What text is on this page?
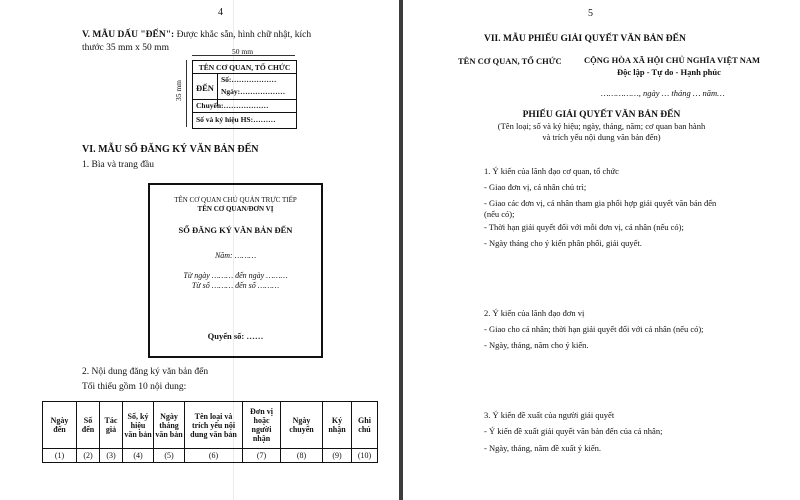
4
V. MẪU DẤU "ĐẾN": Được khắc sẵn, hình chữ nhật, kích
thước 35 mm x 50 mm	50 mm
35 mm
TÊN CƠ QUAN, TỔ CHỨC
ĐẾN
Số:………………
Ngày:………………
Chuyển:………………
Số và ký hiệu HS:………
VI. MẪU SỔ ĐĂNG KÝ VĂN BẢN ĐẾN
1. Bìa và trang đầu
TÊN CƠ QUAN CHỦ QUẢN TRỰC TIẾP
TÊN CƠ QUAN/ĐƠN VỊ
SỔ ĐĂNG KÝ VĂN BẢN ĐẾN
Năm: ………
Từ ngày ……… đến ngày ………
Từ số ……… đến số ………
Quyển số: ……
2. Nội dung đăng ký văn bản đến
Tối thiểu gồm 10 nội dung:
Ngày đến	Số đến	Tác giả	Số, ký hiệu văn bản	Ngày tháng văn bản	Tên loại và trích yếu nội dung văn bản	Đơn vị hoặc người nhận	Ngày chuyển	Ký nhận	Ghi chú
(1)	(2)	(3)	(4)	(5)	(6)	(7)	(8)	(9)	(10)
5
VII. MẪU PHIẾU GIẢI QUYẾT VĂN BẢN ĐẾN
TÊN CƠ QUAN, TỔ CHỨC	CỘNG HÒA XÃ HỘI CHỦ NGHĨA VIỆT NAM
Độc lập - Tự do - Hạnh phúc
……………, ngày … tháng … năm…
PHIẾU GIẢI QUYẾT VĂN BẢN ĐẾN
(Tên loại; số và ký hiệu; ngày, tháng, năm; cơ quan ban hành
và trích yếu nội dung văn bản đến)
1. Ý kiến của lãnh đạo cơ quan, tổ chức
- Giao đơn vị, cá nhân chủ trì;
- Giao các đơn vị, cá nhân tham gia phối hợp giải quyết văn bản đến
(nếu có);
- Thời hạn giải quyết đối với mỗi đơn vị, cá nhân (nếu có);
- Ngày tháng cho ý kiến phân phối, giải quyết.
2. Ý kiến của lãnh đạo đơn vị
- Giao cho cá nhân; thời hạn giải quyết đối với cá nhân (nếu có);
- Ngày, tháng, năm cho ý kiến.
3. Ý kiến đề xuất của người giải quyết
- Ý kiến đề xuất giải quyết văn bản đến của cá nhân;
- Ngày, tháng, năm đề xuất ý kiến.
